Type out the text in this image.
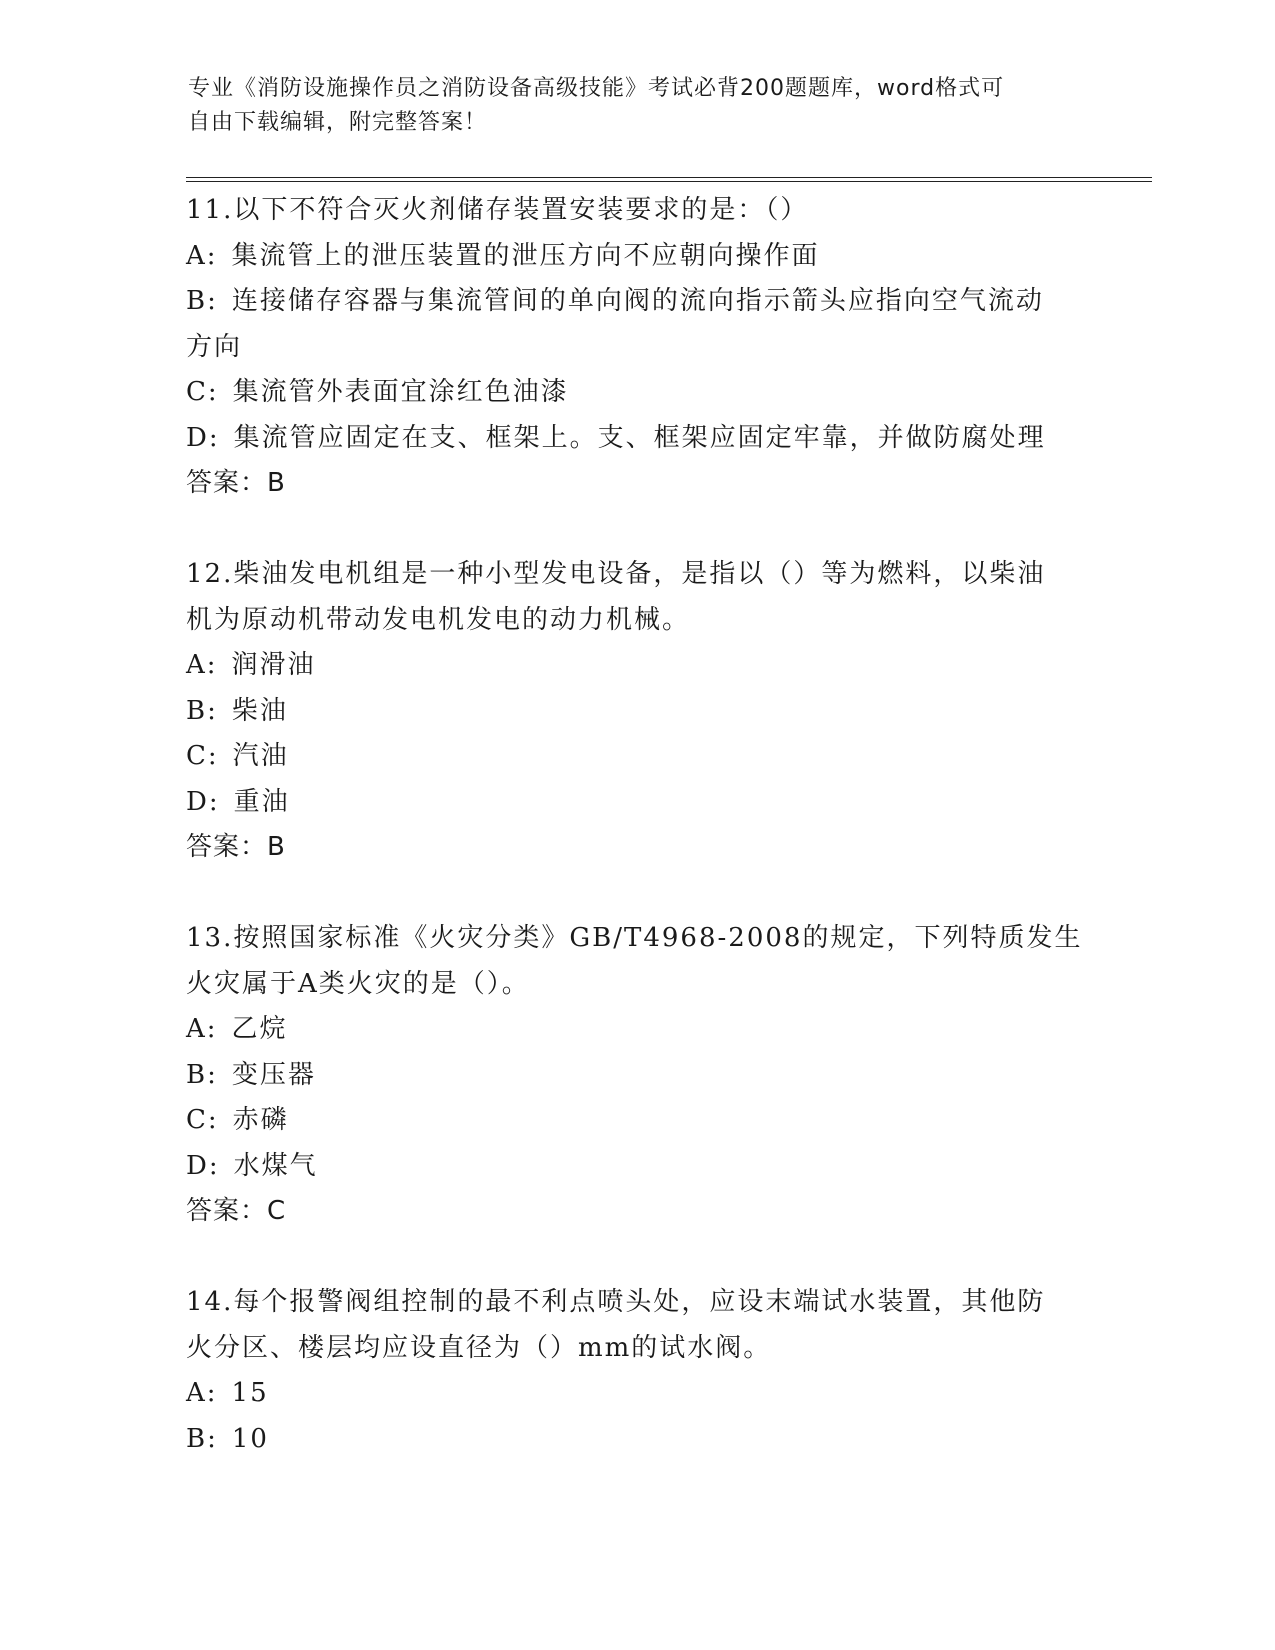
专业《消防设施操作员之消防设备高级技能》考试必背200题题库，word格式可
自由下载编辑，附完整答案！
11.以下不符合灭火剂储存装置安装要求的是：（）
A: 集流管上的泄压装置的泄压方向不应朝向操作面
B: 连接储存容器与集流管间的单向阀的流向指示箭头应指向空气流动
方向
C: 集流管外表面宜涂红色油漆
D: 集流管应固定在支、框架上。支、框架应固定牢靠，并做防腐处理
答案：B
12.柴油发电机组是一种小型发电设备，是指以（）等为燃料，以柴油
机为原动机带动发电机发电的动力机械。
A: 润滑油
B: 柴油
C: 汽油
D: 重油
答案：B
13.按照国家标准《火灾分类》GB/T4968-2008的规定，下列特质发生
火灾属于A类火灾的是（）。
A: 乙烷
B: 变压器
C: 赤磷
D: 水煤气
答案：C
14.每个报警阀组控制的最不利点喷头处，应设末端试水装置，其他防
火分区、楼层均应设直径为（）mm的试水阀。
A: 15
B: 10
